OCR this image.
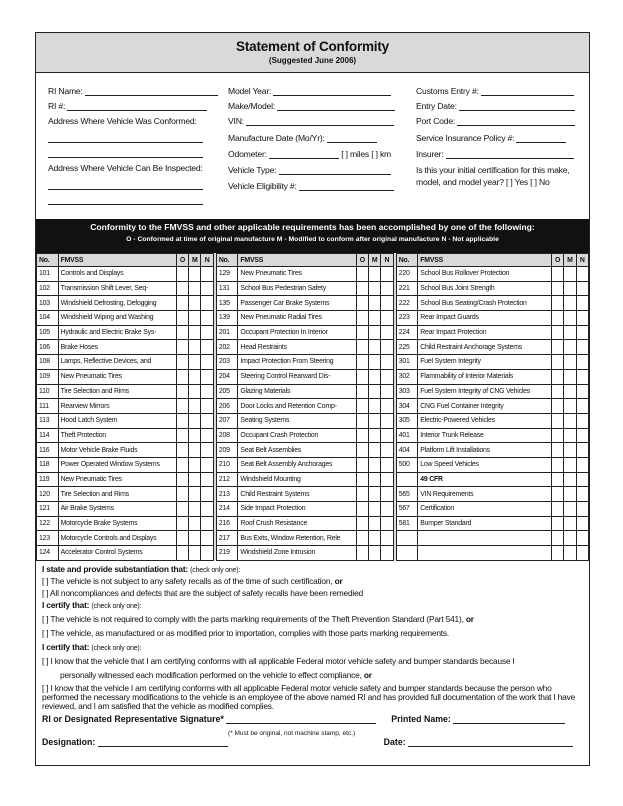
Statement of Conformity
(Suggested June 2006)
RI Name:
RI #:
Address Where Vehicle Was Conformed:
Address Where Vehicle Can Be Inspected:
Model Year:
Make/Model:
VIN:
Manufacture Date (Mo/Yr):
Odometer:	[ ] miles [ ] km
Vehicle Type:
Vehicle Eligibility #:
Customs Entry #:
Entry Date:
Port Code:
Service Insurance Policy #:
Insurer:
Is this your initial certification for this make,
model, and model year? [ ] Yes [ ] No
Conformity to the FMVSS and other applicable requirements has been accomplished by one of the following:
O - Conformed at time of original manufacture M - Modified to conform after original manufacture N - Not applicable
No.	FMVSS	O	M	N		No.	FMVSS	O	M	N		No.	FMVSS	O	M	N
101	Controls and Displays					129	New Pneumatic Tires					220	School Bus Rollover Protection			
102	Transmission Shift Lever, Seq-					131	School Bus Pedestrian Safety					221	School Bus Joint Strength			
103	Windshield Defrosting, Defogging					135	Passenger Car Brake Systems					222	School Bus Seating/Crash Protection			
104	Windshield Wiping and Washing					139	New Pneumatic Radial Tires					223	Rear Impact Guards			
105	Hydraulic and Electric Brake Sys-					201	Occupant Protection In Interior					224	Rear Impact Protection			
106	Brake Hoses					202	Head Restraints					225	Child Restraint Anchorage Systems			
108	Lamps, Reflective Devices, and					203	Impact Protection From Steering					301	Fuel System Integrity			
109	New Pneumatic Tires					204	Steering Control Rearward Dis-					302	Flammability of Interior Materials			
110	Tire Selection and Rims					205	Glazing Materials					303	Fuel System Integrity of CNG Vehicles			
111	Rearview Mirrors					206	Door Locks and Retention Comp-					304	CNG Fuel Container Integrity			
113	Hood Latch System					207	Seating Systems					305	Electric-Powered Vehicles			
114	Theft Protection					208	Occupant Crash Protection					401	Interior Trunk Release			
116	Motor Vehicle Brake Fluids					209	Seat Belt Assemblies					404	Platform Lift Installations			
118	Power Operated Window Systems					210	Seat Belt Assembly Anchorages					500	Low Speed Vehicles			
119	New Pneumatic Tires					212	Windshield Mounting						49 CFR			
120	Tire Selection and Rims					213	Child Restraint Systems					565	VIN Requirements			
121	Air Brake Systems					214	Side Impact Protection					567	Certification			
122	Motorcycle Brake Systems					216	Roof Crush Resistance					581	Bumper Standard			
123	Motorcycle Controls and Displays					217	Bus Exits, Window Retention, Rele									
124	Accelerator Control Systems					219	Windshield Zone Intrusion									
I state and provide substantiation that: (check only one):
[ ] The vehicle is not subject to any safety recalls as of the time of such certification, or
[ ] All noncompliances and defects that are the subject of safety recalls have been remedied
I certify that: (check only one):
[ ] The vehicle is not required to comply with the parts marking requirements of the Theft Prevention Standard (Part 541), or
[ ] The vehicle, as manufactured or as modified prior to importation, complies with those parts marking requirements.
I certify that: (check only one):
[ ] I know that the vehicle that I am certifying conforms with all applicable Federal motor vehicle safety and bumper standards because I
personally witnessed each modification performed on the vehicle to effect compliance, or
[ ] I know that the vehicle I am certifying conforms with all applicable Federal motor vehicle safety and bumper standards because the person who performed the necessary modifications to the vehicle is an employee of the above named RI and has provided full documentation of the work that I have reviewed, and I am satisfied that the vehicle as modified complies.
RI or Designated Representative Signature*	Printed Name:
(* Must be original, not machine stamp, etc.)
Designation:	Date:
